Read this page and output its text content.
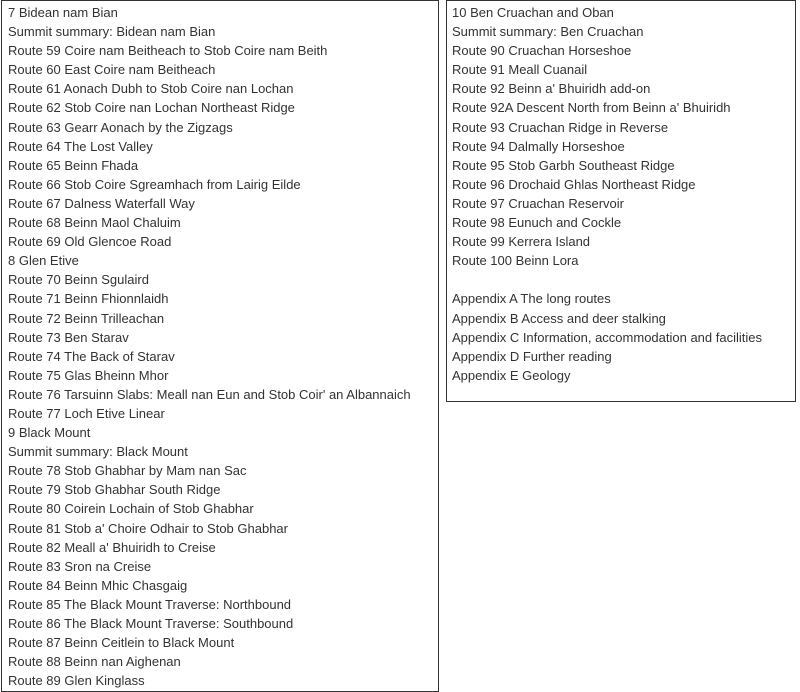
7 Bidean nam Bian
Summit summary: Bidean nam Bian
Route 59 Coire nam Beitheach to Stob Coire nam Beith
Route 60 East Coire nam Beitheach
Route 61 Aonach Dubh to Stob Coire nan Lochan
Route 62 Stob Coire nan Lochan Northeast Ridge
Route 63 Gearr Aonach by the Zigzags
Route 64 The Lost Valley
Route 65 Beinn Fhada
Route 66 Stob Coire Sgreamhach from Lairig Eilde
Route 67 Dalness Waterfall Way
Route 68 Beinn Maol Chaluim
Route 69 Old Glencoe Road
8 Glen Etive
Route 70 Beinn Sgulaird
Route 71 Beinn Fhionnlaidh
Route 72 Beinn Trilleachan
Route 73 Ben Starav
Route 74 The Back of Starav
Route 75 Glas Bheinn Mhor
Route 76 Tarsuinn Slabs: Meall nan Eun and Stob Coir' an Albannaich
Route 77 Loch Etive Linear
9 Black Mount
Summit summary: Black Mount
Route 78 Stob Ghabhar by Mam nan Sac
Route 79 Stob Ghabhar South Ridge
Route 80 Coirein Lochain of Stob Ghabhar
Route 81 Stob a' Choire Odhair to Stob Ghabhar
Route 82 Meall a' Bhuiridh to Creise
Route 83 Sron na Creise
Route 84 Beinn Mhic Chasgaig
Route 85 The Black Mount Traverse: Northbound
Route 86 The Black Mount Traverse: Southbound
Route 87 Beinn Ceitlein to Black Mount
Route 88 Beinn nan Aighenan
Route 89 Glen Kinglass
10 Ben Cruachan and Oban
Summit summary: Ben Cruachan
Route 90 Cruachan Horseshoe
Route 91 Meall Cuanail
Route 92 Beinn a' Bhuiridh add-on
Route 92A Descent North from Beinn a' Bhuiridh
Route 93 Cruachan Ridge in Reverse
Route 94 Dalmally Horseshoe
Route 95 Stob Garbh Southeast Ridge
Route 96 Drochaid Ghlas Northeast Ridge
Route 97 Cruachan Reservoir
Route 98 Eunuch and Cockle
Route 99 Kerrera Island
Route 100 Beinn Lora
Appendix A The long routes
Appendix B Access and deer stalking
Appendix C Information, accommodation and facilities
Appendix D Further reading
Appendix E Geology
